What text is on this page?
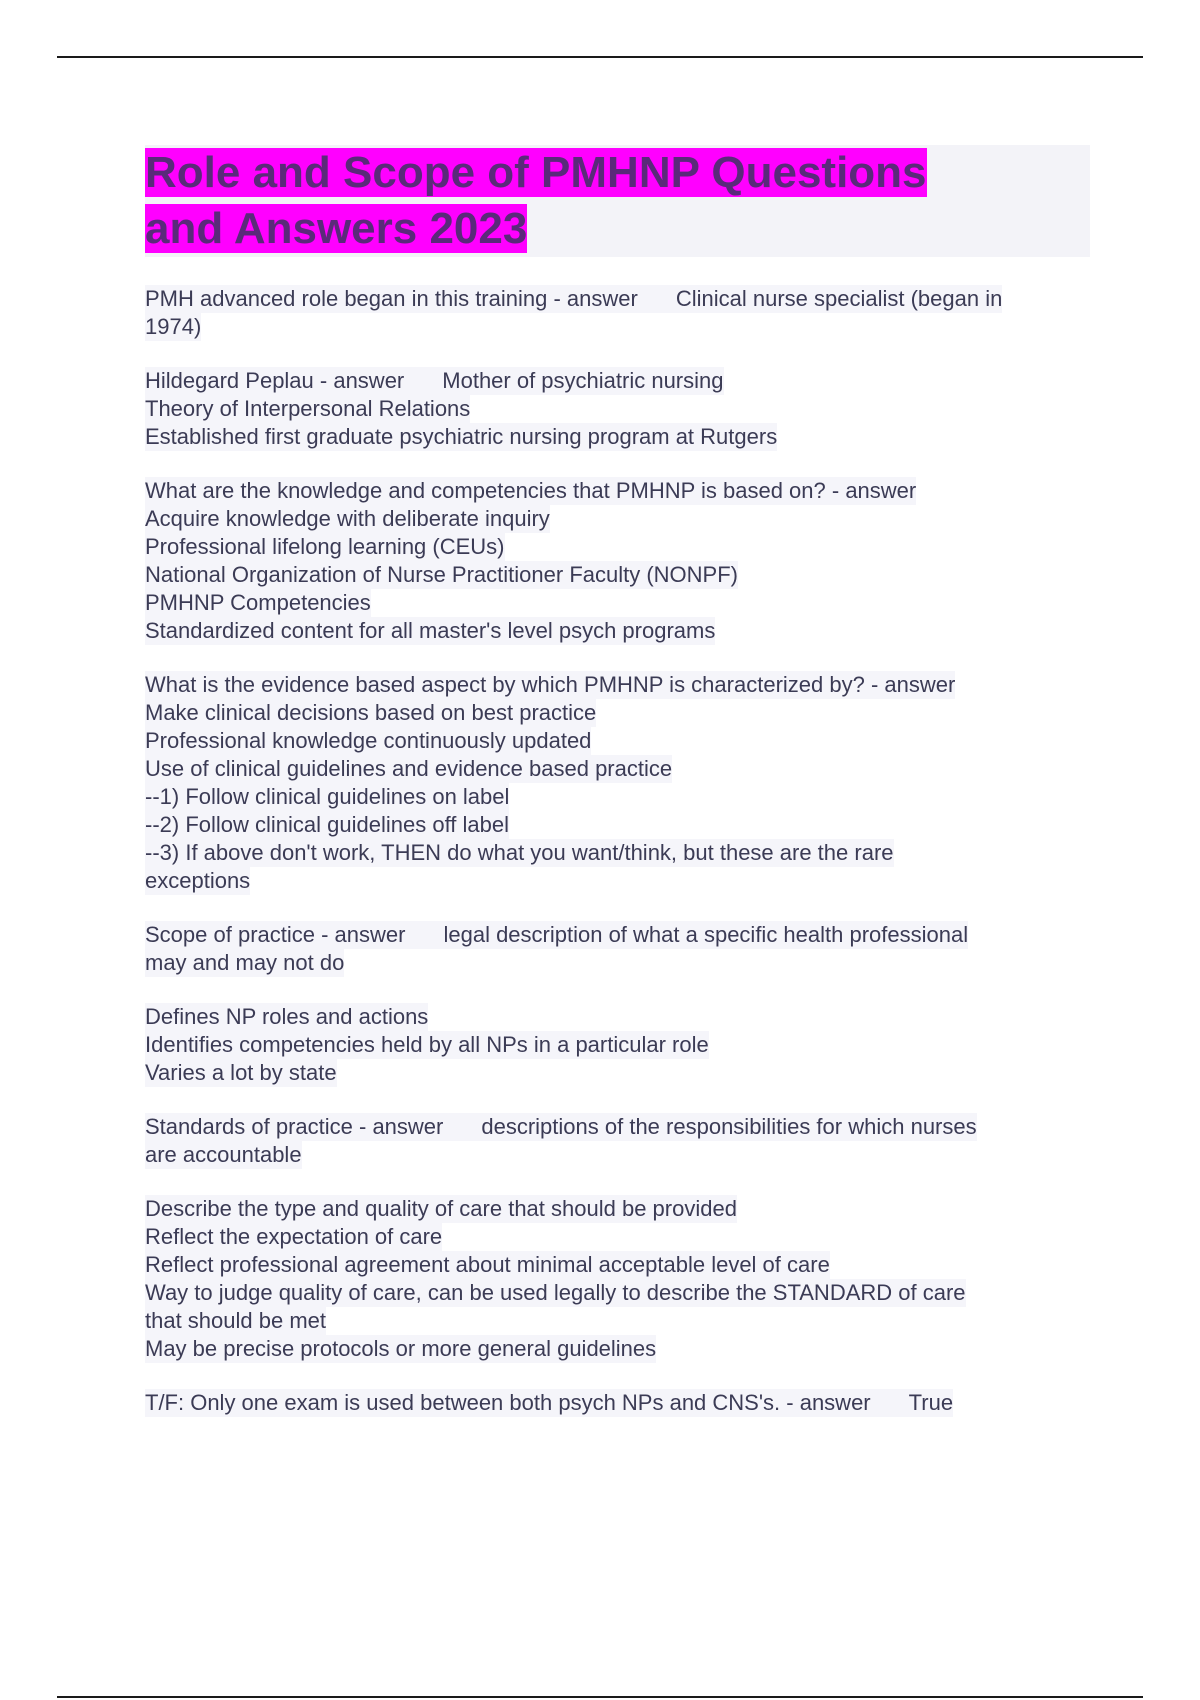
Role and Scope of PMHNP Questions
and Answers 2023
PMH advanced role began in this training - answer Clinical nurse specialist (began in
1974)
Hildegard Peplau - answer Mother of psychiatric nursing
Theory of Interpersonal Relations
Established first graduate psychiatric nursing program at Rutgers
What are the knowledge and competencies that PMHNP is based on? - answer
Acquire knowledge with deliberate inquiry
Professional lifelong learning (CEUs)
National Organization of Nurse Practitioner Faculty (NONPF)
PMHNP Competencies
Standardized content for all master's level psych programs
What is the evidence based aspect by which PMHNP is characterized by? - answer
Make clinical decisions based on best practice
Professional knowledge continuously updated
Use of clinical guidelines and evidence based practice
--1) Follow clinical guidelines on label
--2) Follow clinical guidelines off label
--3) If above don't work, THEN do what you want/think, but these are the rare
exceptions
Scope of practice - answer legal description of what a specific health professional
may and may not do
Defines NP roles and actions
Identifies competencies held by all NPs in a particular role
Varies a lot by state
Standards of practice - answer descriptions of the responsibilities for which nurses
are accountable
Describe the type and quality of care that should be provided
Reflect the expectation of care
Reflect professional agreement about minimal acceptable level of care
Way to judge quality of care, can be used legally to describe the STANDARD of care
that should be met
May be precise protocols or more general guidelines
T/F: Only one exam is used between both psych NPs and CNS's. - answer True
